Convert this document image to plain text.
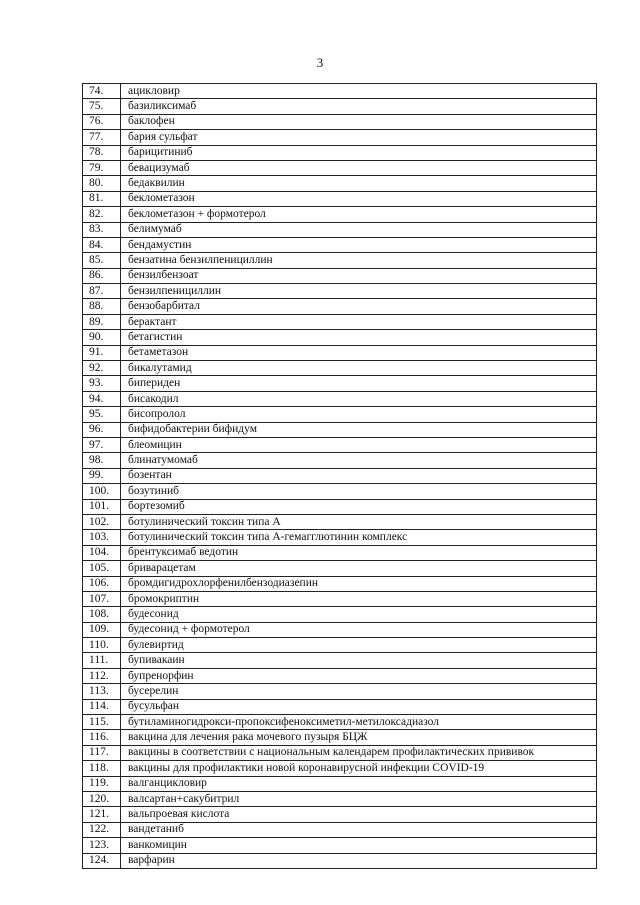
3
74.	ацикловир
75.	базиликсимаб
76.	баклофен
77.	бария сульфат
78.	барицитиниб
79.	бевацизумаб
80.	бедаквилин
81.	беклометазон
82.	беклометазон + формотерол
83.	белимумаб
84.	бендамустин
85.	бензатина бензилпенициллин
86.	бензилбензоат
87.	бензилпенициллин
88.	бензобарбитал
89.	берактант
90.	бетагистин
91.	бетаметазон
92.	бикалутамид
93.	бипериден
94.	бисакодил
95.	бисопролол
96.	бифидобактерии бифидум
97.	блеомицин
98.	блинатумомаб
99.	бозентан
100.	бозутиниб
101.	бортезомиб
102.	ботулинический токсин типа А
103.	ботулинический токсин типа А-гемагглютинин комплекс
104.	брентуксимаб ведотин
105.	бриварацетам
106.	бромдигидрохлорфенилбензодиазепин
107.	бромокриптин
108.	будесонид
109.	будесонид + формотерол
110.	булевиртид
111.	бупивакаин
112.	бупренорфин
113.	бусерелин
114.	бусульфан
115.	бутиламиногидрокси-пропоксифеноксиметил-метилоксадиазол
116.	вакцина для лечения рака мочевого пузыря БЦЖ
117.	вакцины в соответствии с национальным календарем профилактических прививок
118.	вакцины для профилактики новой коронавирусной инфекции COVID-19
119.	валганцикловир
120.	валсартан+сакубитрил
121.	вальпроевая кислота
122.	вандетаниб
123.	ванкомицин
124.	варфарин
